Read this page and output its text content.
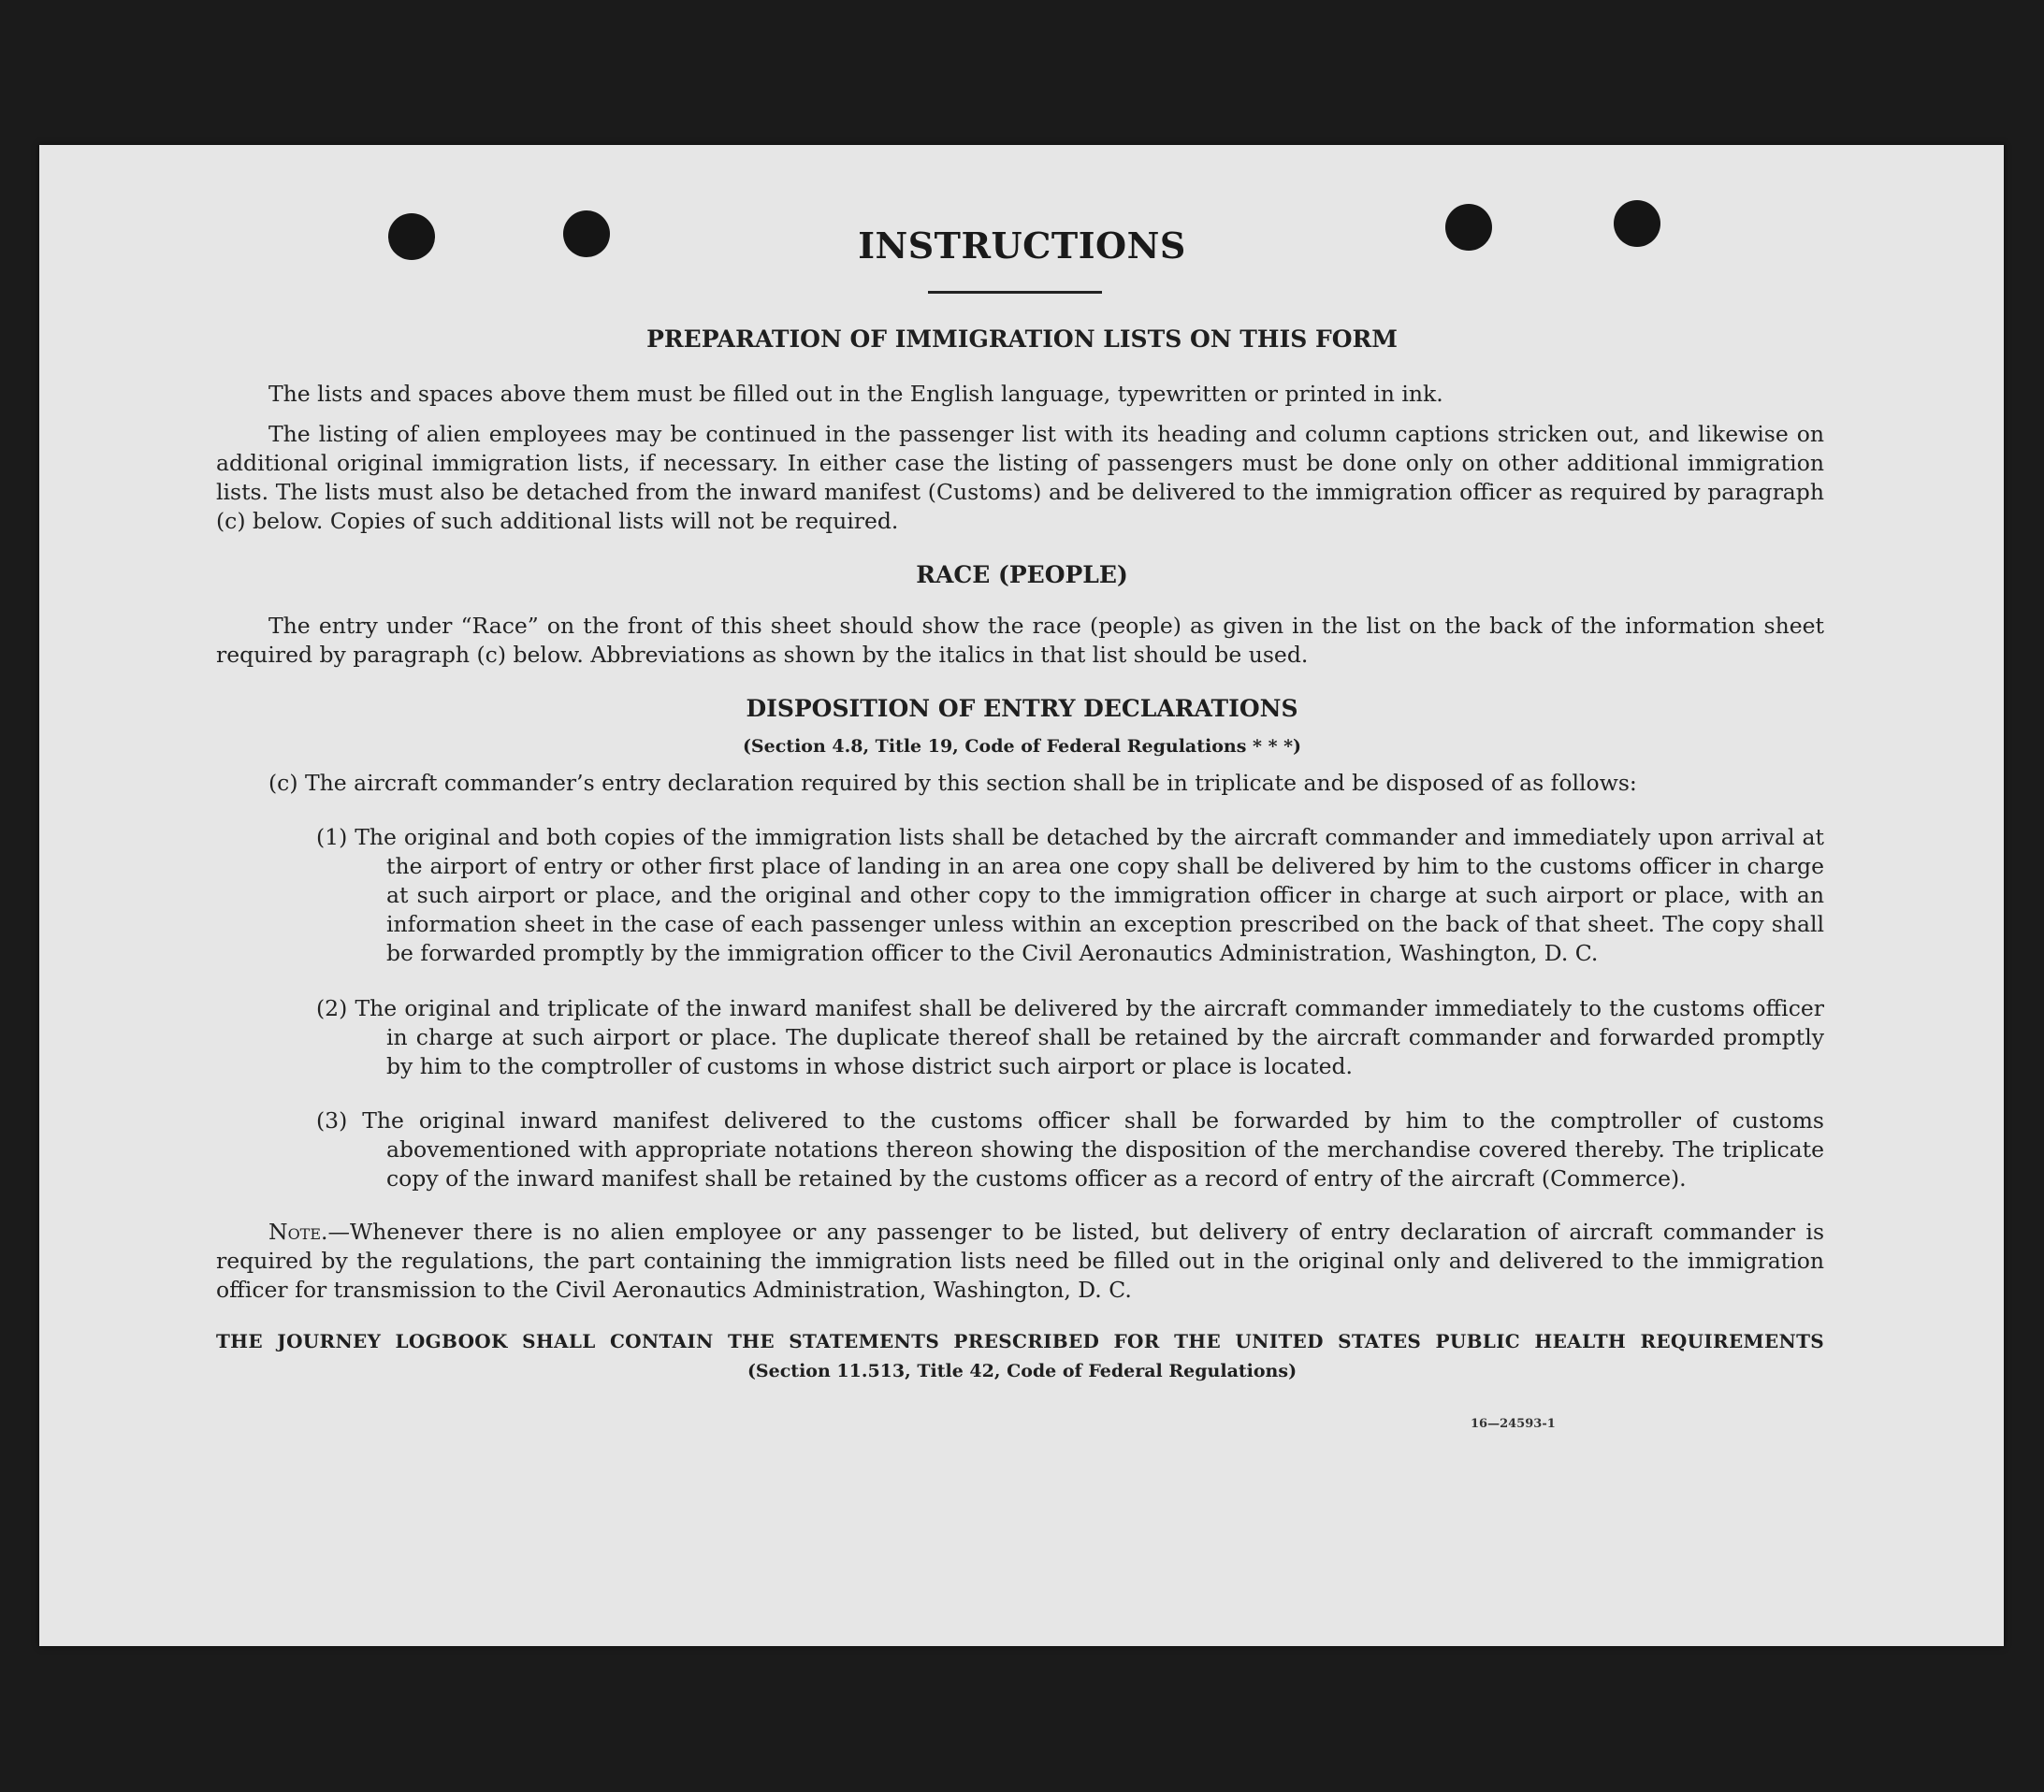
INSTRUCTIONS
PREPARATION OF IMMIGRATION LISTS ON THIS FORM

The lists and spaces above them must be filled out in the English language, typewritten or printed in ink.

The listing of alien employees may be continued in the passenger list with its heading and column captions stricken out, and likewise on additional original immigration lists, if necessary. In either case the listing of passengers must be done only on other additional immigration lists. The lists must also be detached from the inward manifest (Customs) and be delivered to the immigration officer as required by paragraph (c) below. Copies of such additional lists will not be required.

RACE (PEOPLE)

The entry under “Race” on the front of this sheet should show the race (people) as given in the list on the back of the information sheet required by paragraph (c) below. Abbreviations as shown by the italics in that list should be used.

DISPOSITION OF ENTRY DECLARATIONS

(Section 4.8, Title 19, Code of Federal Regulations * * *)

(c) The aircraft commander’s entry declaration required by this section shall be in triplicate and be disposed of as follows:

(1) The original and both copies of the immigration lists shall be detached by the aircraft commander and immediately upon arrival at the airport of entry or other first place of landing in an area one copy shall be delivered by him to the customs officer in charge at such airport or place, and the original and other copy to the immigration officer in charge at such airport or place, with an information sheet in the case of each passenger unless within an exception prescribed on the back of that sheet. The copy shall be forwarded promptly by the immigration officer to the Civil Aeronautics Administration, Washington, D. C.

(2) The original and triplicate of the inward manifest shall be delivered by the aircraft commander immediately to the customs officer in charge at such airport or place. The duplicate thereof shall be retained by the aircraft commander and forwarded promptly by him to the comptroller of customs in whose district such airport or place is located.

(3) The original inward manifest delivered to the customs officer shall be forwarded by him to the comptroller of customs abovementioned with appropriate notations thereon showing the disposition of the merchandise covered thereby. The triplicate copy of the inward manifest shall be retained by the customs officer as a record of entry of the aircraft (Commerce).

Note.—Whenever there is no alien employee or any passenger to be listed, but delivery of entry declaration of aircraft commander is required by the regulations, the part containing the immigration lists need be filled out in the original only and delivered to the immigration officer for transmission to the Civil Aeronautics Administration, Washington, D. C.

THE JOURNEY LOGBOOK SHALL CONTAIN THE STATEMENTS PRESCRIBED FOR THE UNITED STATES PUBLIC HEALTH REQUIREMENTS

(Section 11.513, Title 42, Code of Federal Regulations)

16—24593-1
